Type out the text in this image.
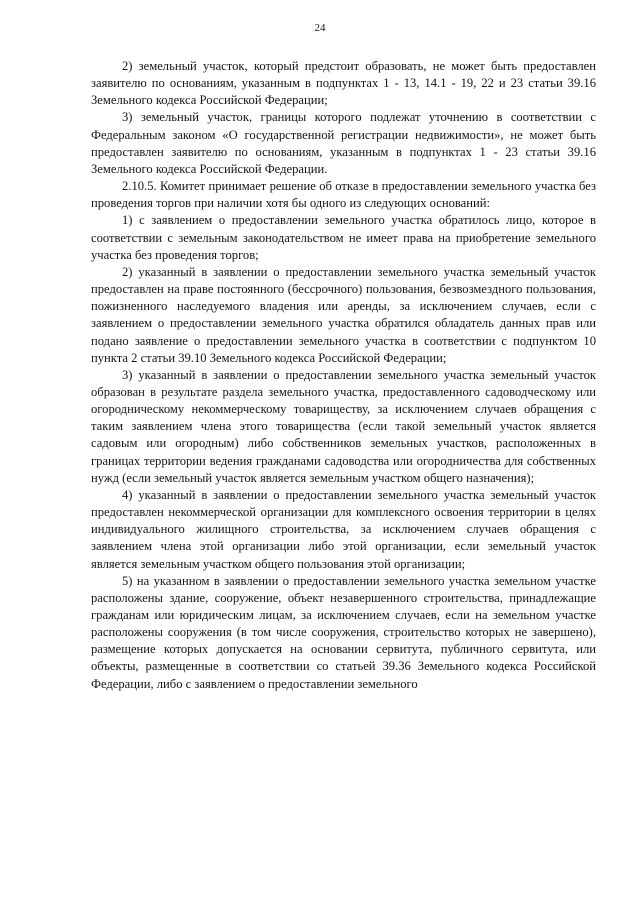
24

2) земельный участок, который предстоит образовать, не может быть предоставлен заявителю по основаниям, указанным в подпунктах 1 - 13, 14.1 - 19, 22 и 23 статьи 39.16 Земельного кодекса Российской Федерации;

3) земельный участок, границы которого подлежат уточнению в соответствии с Федеральным законом «О государственной регистрации недвижимости», не может быть предоставлен заявителю по основаниям, указанным в подпунктах 1 - 23 статьи 39.16 Земельного кодекса Российской Федерации.

2.10.5. Комитет принимает решение об отказе в предоставлении земельного участка без проведения торгов при наличии хотя бы одного из следующих оснований:

1) с заявлением о предоставлении земельного участка обратилось лицо, которое в соответствии с земельным законодательством не имеет права на приобретение земельного участка без проведения торгов;

2) указанный в заявлении о предоставлении земельного участка земельный участок предоставлен на праве постоянного (бессрочного) пользования, безвозмездного пользования, пожизненного наследуемого владения или аренды, за исключением случаев, если с заявлением о предоставлении земельного участка обратился обладатель данных прав или подано заявление о предоставлении земельного участка в соответствии с подпунктом 10 пункта 2 статьи 39.10 Земельного кодекса Российской Федерации;

3) указанный в заявлении о предоставлении земельного участка земельный участок образован в результате раздела земельного участка, предоставленного садоводческому или огородническому некоммерческому товариществу, за исключением случаев обращения с таким заявлением члена этого товарищества (если такой земельный участок является садовым или огородным) либо собственников земельных участков, расположенных в границах территории ведения гражданами садоводства или огородничества для собственных нужд (если земельный участок является земельным участком общего назначения);

4) указанный в заявлении о предоставлении земельного участка земельный участок предоставлен некоммерческой организации для комплексного освоения территории в целях индивидуального жилищного строительства, за исключением случаев обращения с заявлением члена этой организации либо этой организации, если земельный участок является земельным участком общего пользования этой организации;

5) на указанном в заявлении о предоставлении земельного участка земельном участке расположены здание, сооружение, объект незавершенного строительства, принадлежащие гражданам или юридическим лицам, за исключением случаев, если на земельном участке расположены сооружения (в том числе сооружения, строительство которых не завершено), размещение которых допускается на основании сервитута, публичного сервитута, или объекты, размещенные в соответствии со статьей 39.36 Земельного кодекса Российской Федерации, либо с заявлением о предоставлении земельного
